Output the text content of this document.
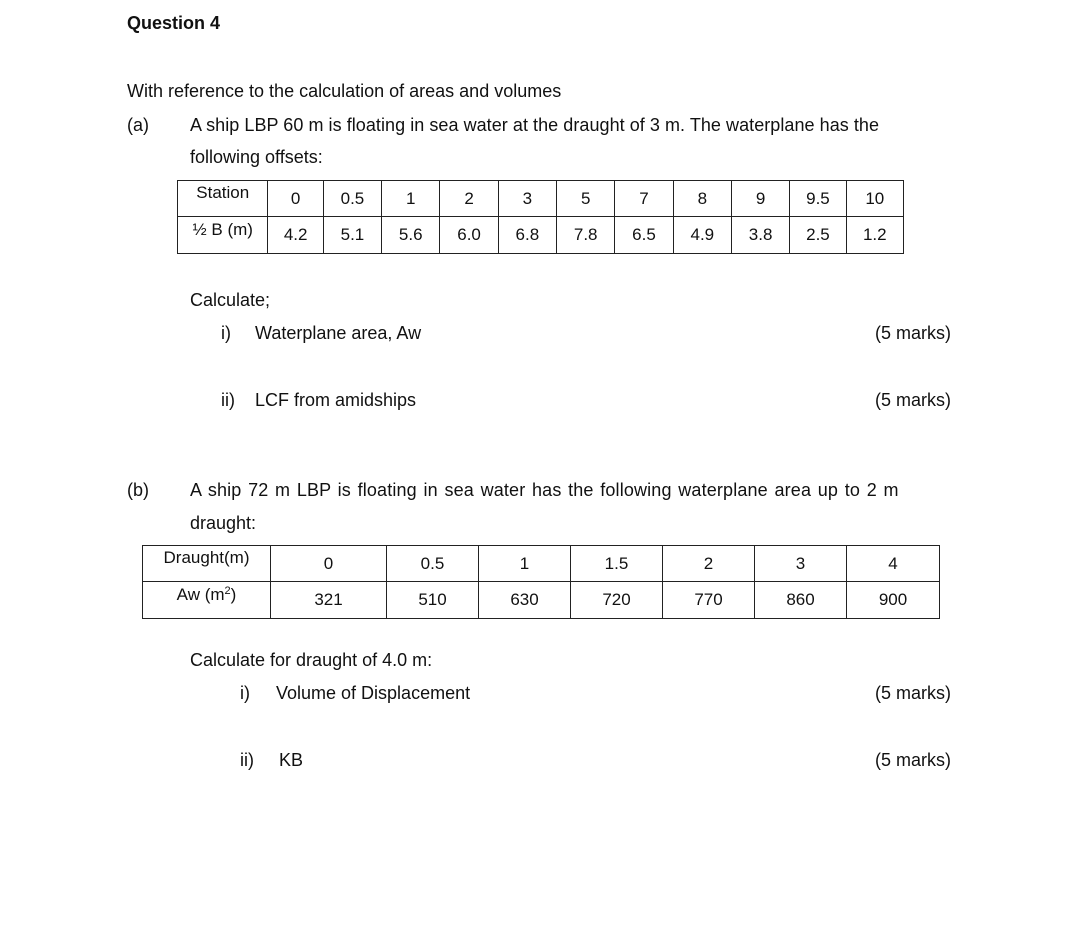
Question 4
With reference to the calculation of areas and volumes
(a) A ship LBP 60 m is floating in sea water at the draught of 3 m. The waterplane has the
following offsets:
Station	0	0.5	1	2	3	5	7	8	9	9.5	10
½ B (m)	4.2	5.1	5.6	6.0	6.8	7.8	6.5	4.9	3.8	2.5	1.2
Calculate;
i) Waterplane area, Aw	(5 marks)
ii) LCF from amidships	(5 marks)
(b) A ship 72 m LBP is floating in sea water has the following waterplane area up to 2 m
draught:
Draught(m)	0	0.5	1	1.5	2	3	4
Aw $(m^2)$	321	510	630	720	770	860	900
Calculate for draught of 4.0 m:
i) Volume of Displacement	(5 marks)
ii) KB	(5 marks)
